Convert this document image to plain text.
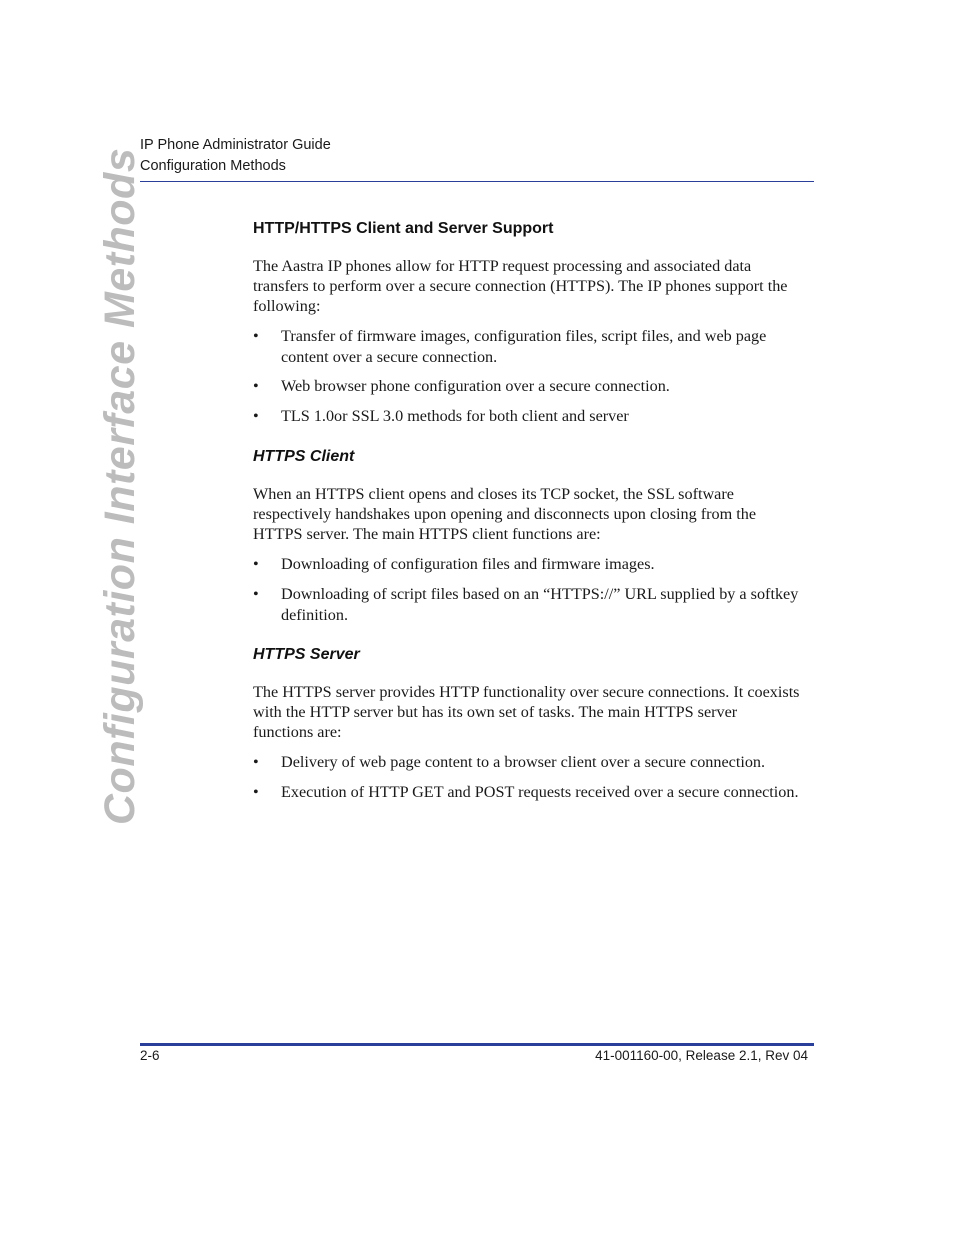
IP Phone Administrator Guide
Configuration Methods
Configuration Interface Methods	HTTP/HTTPS Client and Server Support
The Aastra IP phones allow for HTTP request processing and associated data transfers to perform over a secure connection (HTTPS). The IP phones support the following:
•	Transfer of firmware images, configuration files, script files, and web page content over a secure connection.
•	Web browser phone configuration over a secure connection.
•	TLS 1.0or SSL 3.0 methods for both client and server
HTTPS Client
When an HTTPS client opens and closes its TCP socket, the SSL software respectively handshakes upon opening and disconnects upon closing from the HTTPS server. The main HTTPS client functions are:
•	Downloading of configuration files and firmware images.
•	Downloading of script files based on an “HTTPS://” URL supplied by a softkey definition.
HTTPS Server
The HTTPS server provides HTTP functionality over secure connections. It coexists with the HTTP server but has its own set of tasks. The main HTTPS server functions are:
•	Delivery of web page content to a browser client over a secure connection.
•	Execution of HTTP GET and POST requests received over a secure connection.
2-6	41-001160-00, Release 2.1, Rev 04
